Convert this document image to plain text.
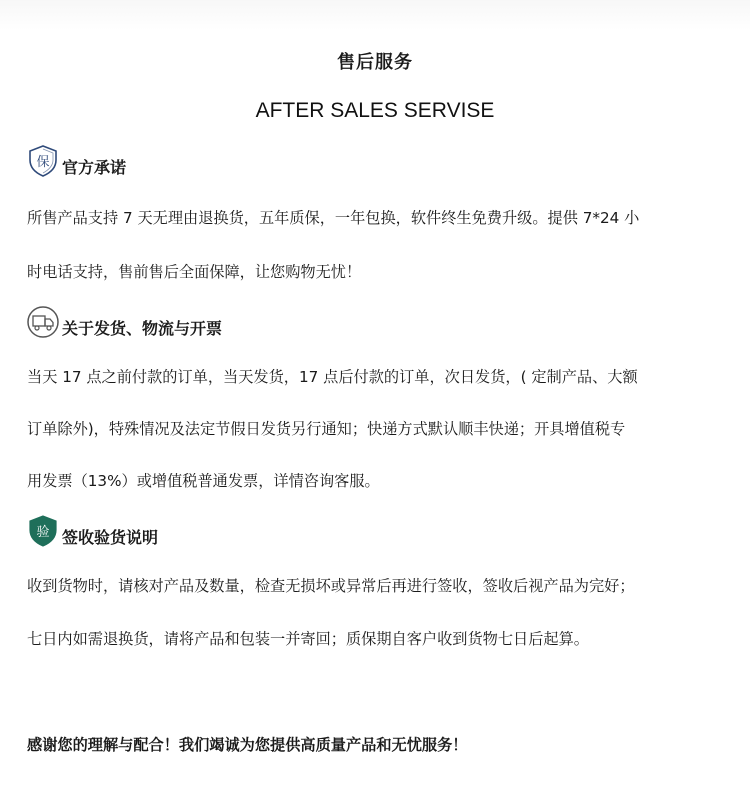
售后服务
AFTER SALES SERVISE
保 官方承诺
所售产品支持 7 天无理由退换货，五年质保，一年包换，软件终生免费升级。提供 7*24 小
时电话支持，售前售后全面保障，让您购物无忧！
关于发货、物流与开票
当天 17 点之前付款的订单，当天发货，17 点后付款的订单，次日发货，( 定制产品、大额
订单除外)，特殊情况及法定节假日发货另行通知；快递方式默认顺丰快递；开具增值税专
用发票（13%）或增值税普通发票，详情咨询客服。
验 签收验货说明
收到货物时，请核对产品及数量，检查无损坏或异常后再进行签收，签收后视产品为完好；
七日内如需退换货，请将产品和包装一并寄回；质保期自客户收到货物七日后起算。
感谢您的理解与配合！我们竭诚为您提供高质量产品和无忧服务！
